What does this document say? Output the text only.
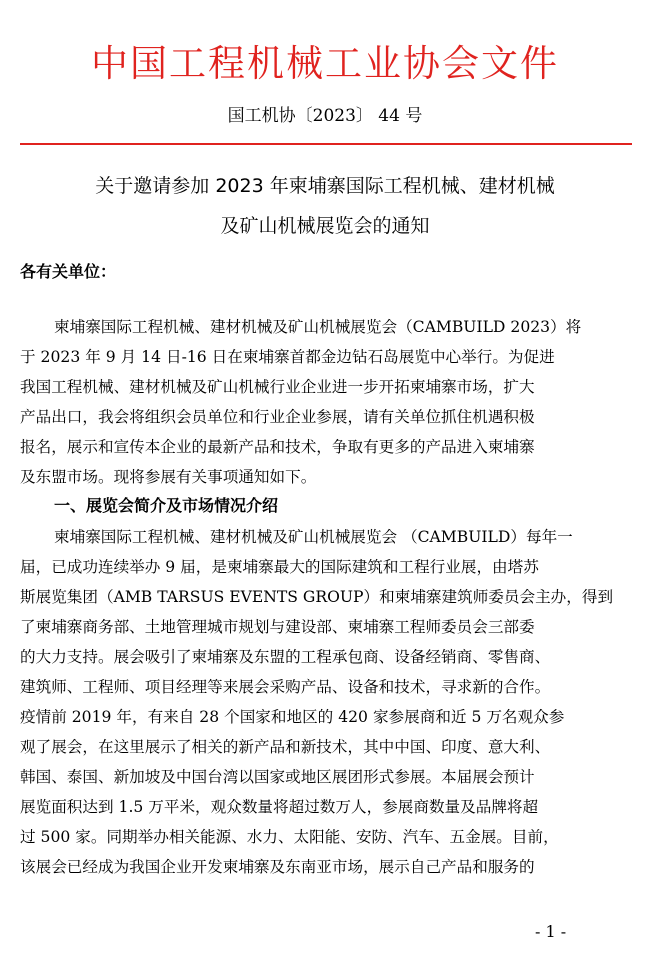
中国工程机械工业协会文件
国工机协〔2023〕 44 号
关于邀请参加 2023 年柬埔寨国际工程机械、建材机械
及矿山机械展览会的通知
各有关单位：
柬埔寨国际工程机械、建材机械及矿山机械展览会（CAMBUILD 2023）将
于 2023 年 9 月 14 日-16 日在柬埔寨首都金边钻石岛展览中心举行。为促进
我国工程机械、建材机械及矿山机械行业企业进一步开拓柬埔寨市场，扩大
产品出口，我会将组织会员单位和行业企业参展，请有关单位抓住机遇积极
报名，展示和宣传本企业的最新产品和技术，争取有更多的产品进入柬埔寨
及东盟市场。现将参展有关事项通知如下。
一、展览会简介及市场情况介绍
柬埔寨国际工程机械、建材机械及矿山机械展览会 （CAMBUILD）每年一
届，已成功连续举办 9 届，是柬埔寨最大的国际建筑和工程行业展，由塔苏
斯展览集团（AMB TARSUS EVENTS GROUP）和柬埔寨建筑师委员会主办，得到
了柬埔寨商务部、土地管理城市规划与建设部、柬埔寨工程师委员会三部委
的大力支持。展会吸引了柬埔寨及东盟的工程承包商、设备经销商、零售商、
建筑师、工程师、项目经理等来展会采购产品、设备和技术，寻求新的合作。
疫情前 2019 年，有来自 28 个国家和地区的 420 家参展商和近 5 万名观众参
观了展会，在这里展示了相关的新产品和新技术，其中中国、印度、意大利、
韩国、泰国、新加坡及中国台湾以国家或地区展团形式参展。本届展会预计
展览面积达到 1.5 万平米，观众数量将超过数万人，参展商数量及品牌将超
过 500 家。同期举办相关能源、水力、太阳能、安防、汽车、五金展。目前，
该展会已经成为我国企业开发柬埔寨及东南亚市场，展示自己产品和服务的
- 1 -
